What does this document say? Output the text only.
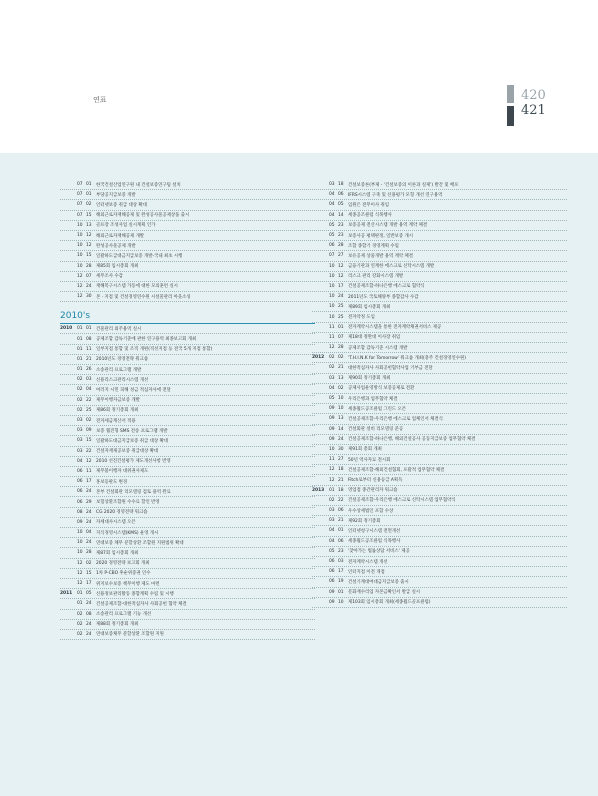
연표	420
421
07 01	한국건설산업연구원 내 건설보증연구팀 설치
07 01	부당공지급보증 개발
07 02	인터넷보증 취급 대상 확대
07 15	해외근로자재해공제 및 완성공사물공제상품 출시
10 13	골프장 조성사업 실시계획 인가
10 12	해외근로자재해공제 개발
10 12	완성공사물공제 개발
10 15	일괄하도급대금지급보증 개발-국내 최초 시행
10 28	제85회 임시총회 개최
12 07	세무조사 수감
12 24	재해복구시스템 가동에 대한 모의훈련 실시
12 30	본 · 지점 및 건설경영연수원 시설물관리 아웃소싱
2010's
2010	01 01	건물관리 외주용역 실시
01 08	공제조합 감독기준에 관한 연구용역 최종보고회 개최
01 11	일부지점 통합 및 조직 개편(직선지점 등 전국 5개 지점 통합)
01 21	2010년도 경영전략 워크숍
01 26	소송관리 프로그램 개발
02 03	신용리스크관리시스템 개선
02 04	여러지 시민 피해 성금 적십자사에 전달
02 22	제무이행자금보증 개발
02 25	제86회 정기총회 개최
03 02	전자세금계산서 적용
03 09	보증 웹진형 SMS 전송 프로그램 개발
03 15	일괄하도대금지급보증 취급 대상 확대
03 22	건설자재제공보증 취급대상 확대
04 12	2010 선진건설평가 제도개선사항 반영
06 11	제무불이행자 대위권사제도
06 17	홍보동판도 변경
06 24	본부 건설회관 리모델링 검토 용역 완료
06 29	보험상환조합원 수수료 할인 반영
08 24	CG 2020 경영전략 워크숍
09 24	자세대사시스템 오픈
10 04	지식경영시스템(KMS) 운영 개시
10 24	연대보증 채무 분할상환 조합원 지원범위 확대
10 28	제87회 임시총회 개최
12 02	2020 경영전략 보고회 개최
12 15	1차 P-CBO 후순위증권 인수
12 17	위지보수보증 책무이행 제도 마련
2011	01 05	신용정보관리활동 종합계획 수립 및 시행
01 24	건설공제조합-대한적십자사 사회공헌 협약 체결
02 08	소송관리 프로그램 기능 개선
02 24	제88회 정기총회 개최
02 24	연대보증채무 분할상환 조합원 지원
03 18	건설보증론(부제 - '건설보증의 이론과 실제') 발간 및 배포
04 06	IFRS시스템 구축 및 신용평가 모형 개선 연구용역
04 05	임원은 전무이사 취임
04 14	세종공조클럽 식목행사
05 23	보증공제 전산시스템 개발 용역 계약 체결
05 23	보증사공 평택판정, 일반보증 개시
06 28	조합 종합기 경영계획 수립
07 27	보유공제 상품개발 용역 계약 체결
10 12	금융기관과 연계한 에스크로 신탁시스템 개발
10 12	리스크 관리 강화시스템 개발
10 17	건설공제조합-하나은행 에스크로 협약식
10 24	2011년도 국토해양부 종합감사 수감
10 25	제89회 임시총회 개최
10 25	전자약정 도입
11 01	전자계약시스템을 통한 전자계약채권서비스 제공
11 07	제18대 정완대 이사장 취임
12 28	공제조합 감독기준 시스템 개발
2012	02 02	'T.H.I.N.K for Tomorrow' 워크숍 개최(충주 건설경영연수원)
02 21	대한적십자사 사회공헌협약사업 기부금 전달
03 13	제90회 정기총회 개최
04 02	공제사업운영방식 보증공제로 전환
05 10	우리은행과 업무협약 체결
09 10	세종월드공조클럽 그린드 오픈
09 13	건설공제조합-우리은행 에스크로 업체인서 체결식
09 14	건설회관 설비 리모델링 준공
09 24	건설공제조합-하나은행, 해외건설공사 공동지급보증 업무협약 체결
10 30	제91회 총회 개최
11 27	50년 역사자료 전시회
12 18	건설공제조합-해외건설협회, 포괄적 업무협약 체결
12 21	Fitch로부터 신용등급 A획득
2013	01 18	영업점 종간관리자 워크숍
02 22	건설공제조합-우리은행 에스크로 신탁시스템 업무협약식
03 06	우수상세법인 포함 수상
03 21	제92회 정기총회
04 01	인터넷청구시스템 전면개선
04 06	세종월드공조클럽 식목행사
05 23	'찾아가는 법률상담 서비스' 제공
06 03	전자계약시스템 개선
06 17	인터지점 이전 개점
06 19	건설기계대여대금지급보증 출시
09 01	문화재수리업 자본금확인서 발급 실시
09 10	제103회 임시총회 개최(세종월드골프클럽)
